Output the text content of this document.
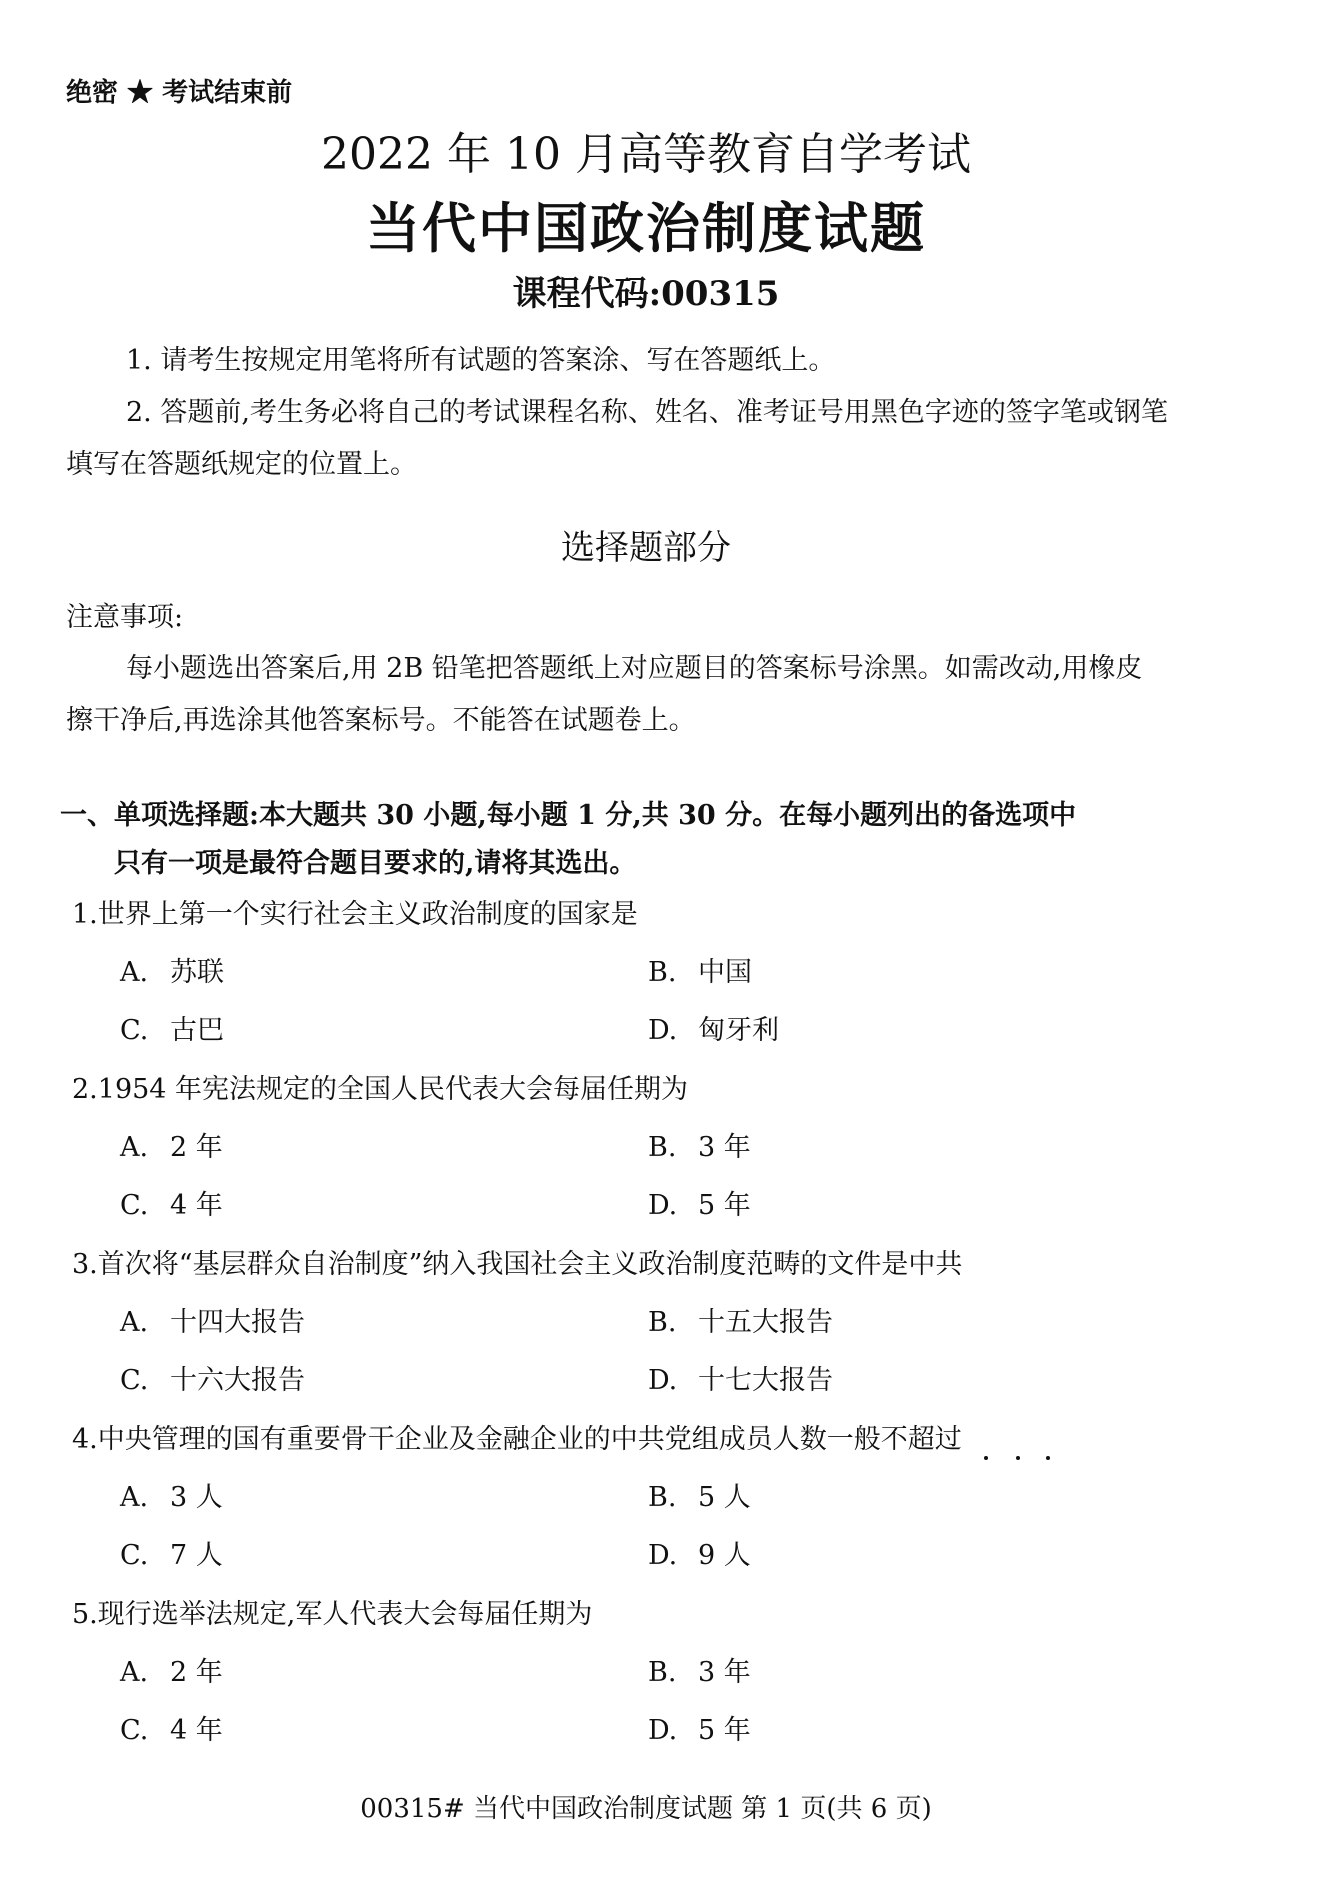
绝密 ★ 考试结束前
2022 年 10 月高等教育自学考试
当代中国政治制度试题
课程代码:00315
1. 请考生按规定用笔将所有试题的答案涂、写在答题纸上。
2. 答题前,考生务必将自己的考试课程名称、姓名、准考证号用黑色字迹的签字笔或钢笔
填写在答题纸规定的位置上。
选择题部分
注意事项:
每小题选出答案后,用 2B 铅笔把答题纸上对应题目的答案标号涂黑。如需改动,用橡皮
擦干净后,再选涂其他答案标号。不能答在试题卷上。
一、单项选择题:本大题共 30 小题,每小题 1 分,共 30 分。在每小题列出的备选项中
只有一项是最符合题目要求的,请将其选出。
1.世界上第一个实行社会主义政治制度的国家是
A. 苏联	B. 中国
C. 古巴	D. 匈牙利
2.1954 年宪法规定的全国人民代表大会每届任期为
A. 2 年	B. 3 年
C. 4 年	D. 5 年
3.首次将“基层群众自治制度”纳入我国社会主义政治制度范畴的文件是中共
A. 十四大报告	B. 十五大报告
C. 十六大报告	D. 十七大报告
4.中央管理的国有重要骨干企业及金融企业的中共党组成员人数一般不超过
A. 3 人	B. 5 人
C. 7 人	D. 9 人
5.现行选举法规定,军人代表大会每届任期为
A. 2 年	B. 3 年
C. 4 年	D. 5 年
00315# 当代中国政治制度试题 第 1 页(共 6 页)
